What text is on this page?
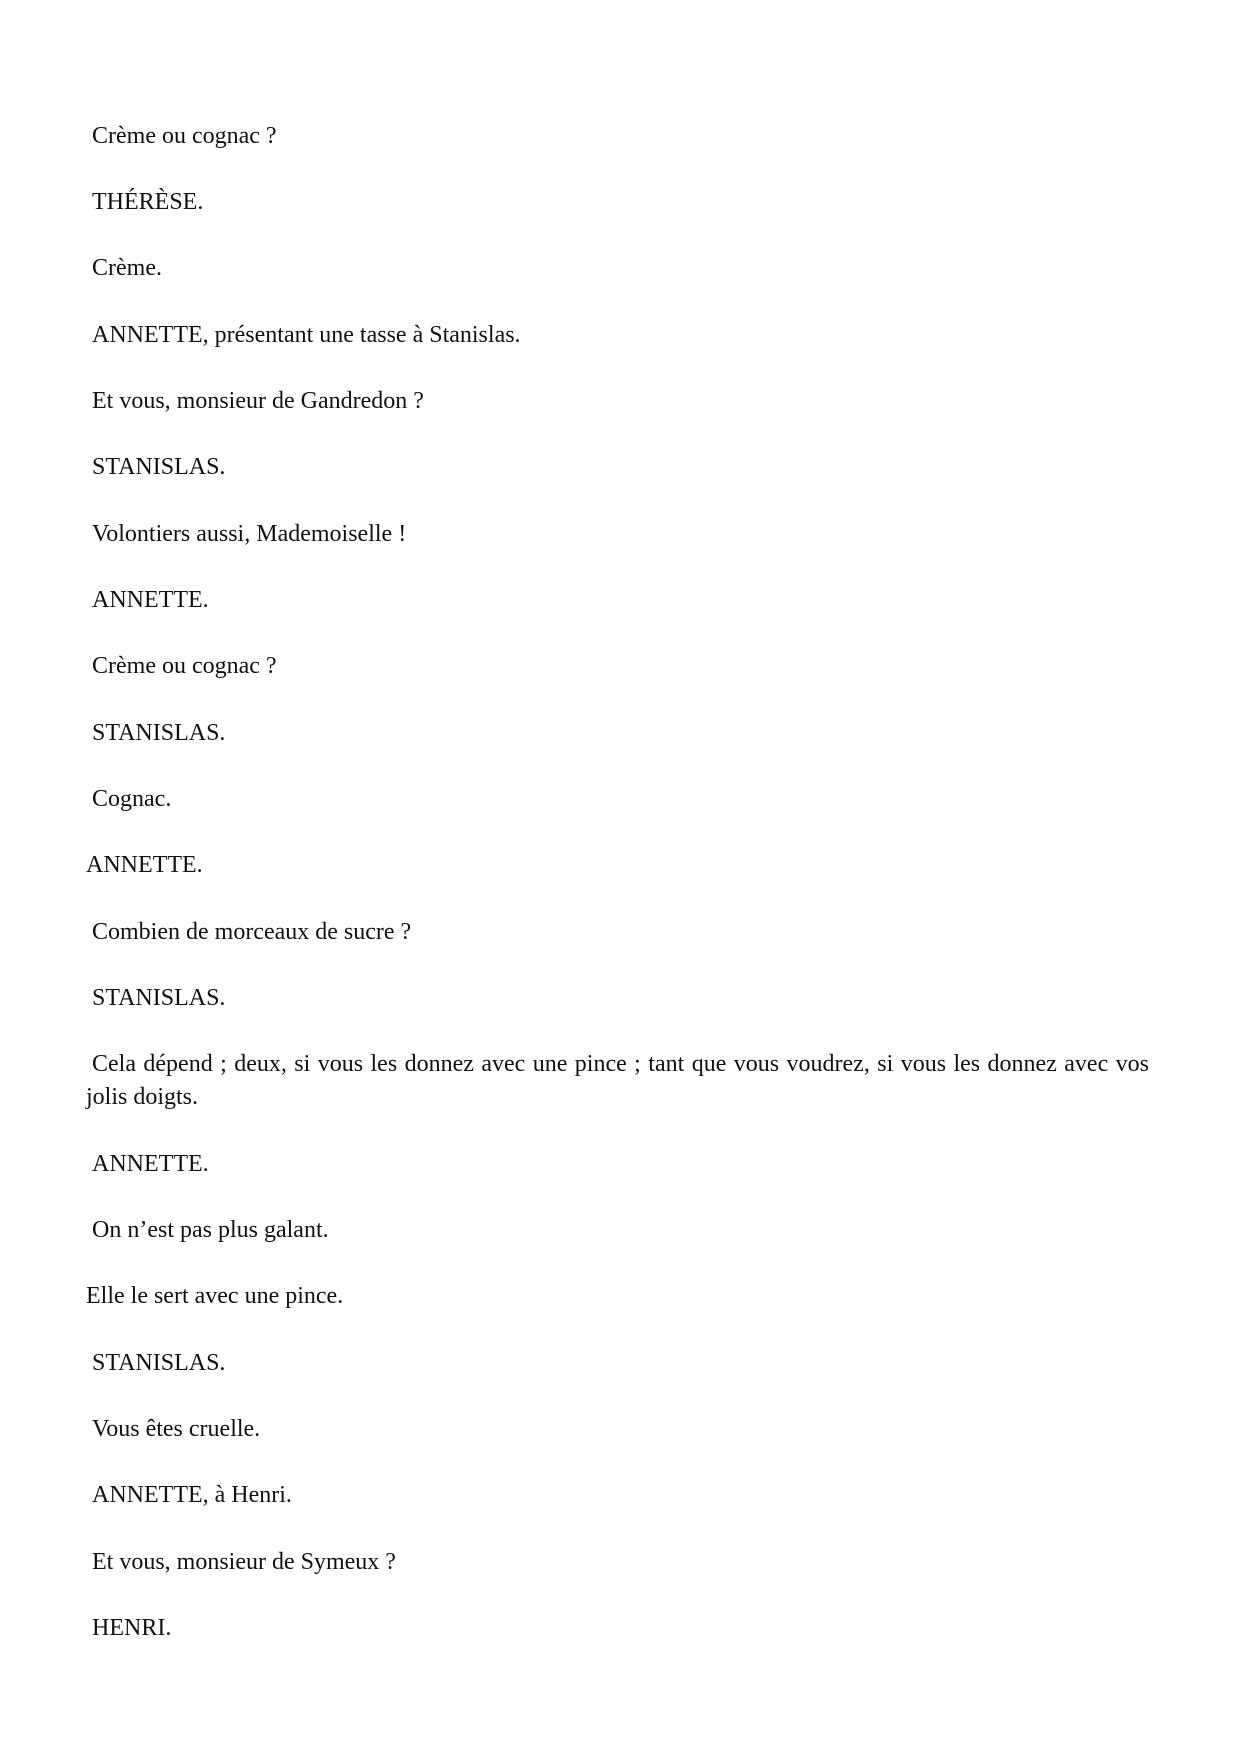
Crème ou cognac ?
THÉRÈSE.
Crème.
ANNETTE, présentant une tasse à Stanislas.
Et vous, monsieur de Gandredon ?
STANISLAS.
Volontiers aussi, Mademoiselle !
ANNETTE.
Crème ou cognac ?
STANISLAS.
Cognac.
ANNETTE.
Combien de morceaux de sucre ?
STANISLAS.
Cela dépend ; deux, si vous les donnez avec une pince ; tant que vous voudrez, si vous les donnez avec vos jolis doigts.
ANNETTE.
On n’est pas plus galant.
Elle le sert avec une pince.
STANISLAS.
Vous êtes cruelle.
ANNETTE, à Henri.
Et vous, monsieur de Symeux ?
HENRI.
